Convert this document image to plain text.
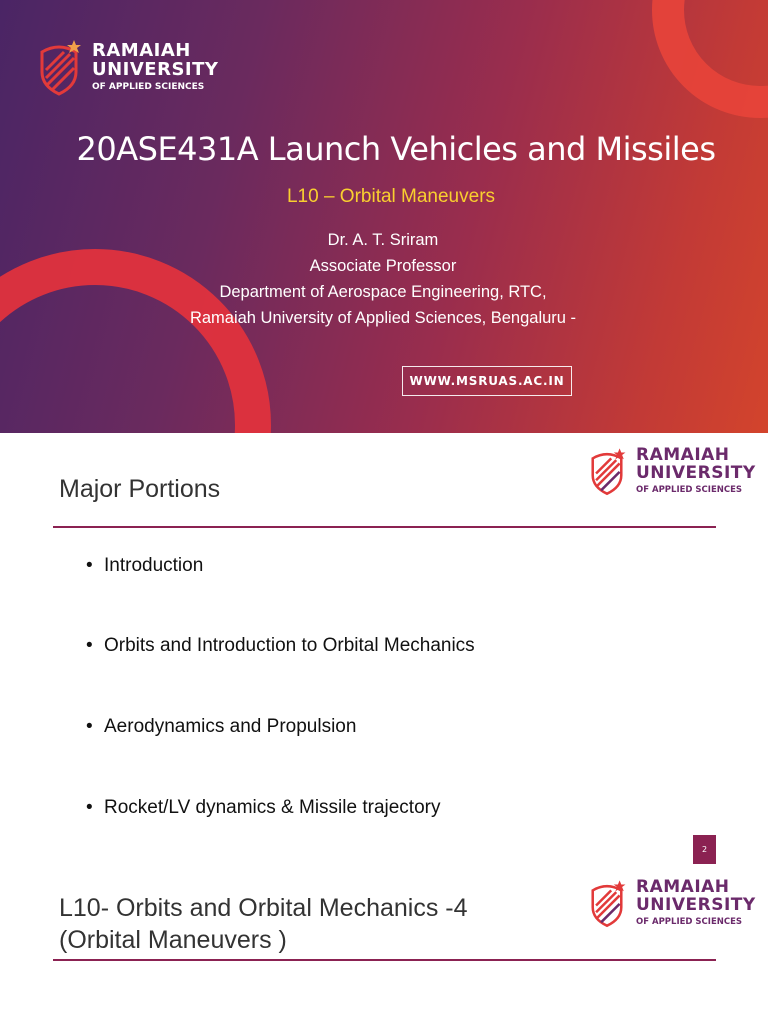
RAMAIAH
UNIVERSITY
OF APPLIED SCIENCES
20ASE431A Launch Vehicles and Missiles
L10 – Orbital Maneuvers
Dr. A. T. Sriram
Associate Professor
Department of Aerospace Engineering, RTC,
Ramaiah University of Applied Sciences, Bengaluru -
WWW.MSRUAS.AC.IN
RAMAIAH
UNIVERSITY
OF APPLIED SCIENCES
Major Portions
• Introduction
• Orbits and Introduction to Orbital Mechanics
• Aerodynamics and Propulsion
• Rocket/LV dynamics & Missile trajectory
2
RAMAIAH
UNIVERSITY
OF APPLIED SCIENCES
L10- Orbits and Orbital Mechanics -4
(Orbital Maneuvers )
